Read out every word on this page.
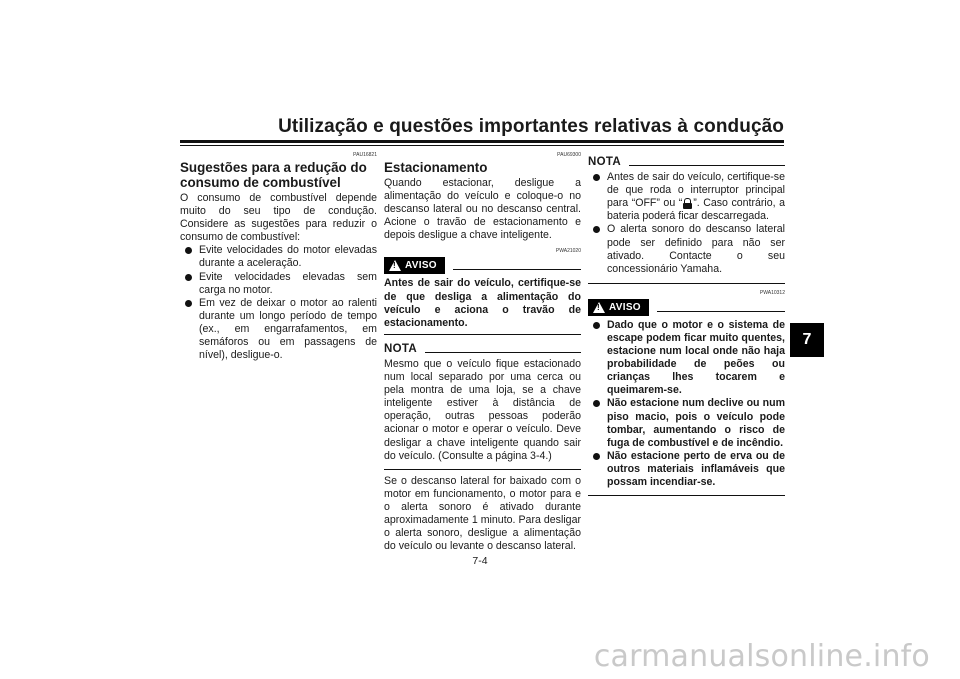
Utilização e questões importantes relativas à condução
7
PAU16821
Sugestões para a redução do consumo de combustível

O consumo de combustível depende muito do seu tipo de condução. Considere as sugestões para reduzir o consumo de combustível:

Evite velocidades do motor elevadas durante a aceleração.
Evite velocidades elevadas sem carga no motor.
Em vez de deixar o motor ao ralenti durante um longo período de tempo (ex., em engarrafamentos, em semáforos ou em passagens de nível), desligue-o.
PAU69300
Estacionamento

Quando estacionar, desligue a alimentação do veículo e coloque-o no descanso lateral ou no descanso central. Acione o travão de estacionamento e depois desligue a chave inteligente.

PWA21020
! AVISO

Antes de sair do veículo, certifique-se de que desliga a alimentação do veículo e aciona o travão de estacionamento.

NOTA

Mesmo que o veículo fique estacionado num local separado por uma cerca ou pela montra de uma loja, se a chave inteligente estiver à distância de operação, outras pessoas poderão acionar o motor e operar o veículo. Deve desligar a chave inteligente quando sair do veículo. (Consulte a página 3-4.)

Se o descanso lateral for baixado com o motor em funcionamento, o motor para e o alerta sonoro é ativado durante aproximadamente 1 minuto. Para desligar o alerta sonoro, desligue a alimentação do veículo ou levante o descanso lateral.

NOTA
Antes de sair do veículo, certifique-se de que roda o interruptor principal para “OFF” ou “ ”. Caso contrário, a bateria poderá ficar descarregada.
O alerta sonoro do descanso lateral pode ser definido para não ser ativado. Contacte o seu concessionário Yamaha.
PWA10312
! AVISO
Dado que o motor e o sistema de escape podem ficar muito quentes, estacione num local onde não haja probabilidade de peões ou crianças lhes tocarem e queimarem-se.
Não estacione num declive ou num piso macio, pois o veículo pode tombar, aumentando o risco de fuga de combustível e de incêndio.
Não estacione perto de erva ou de outros materiais inflamáveis que possam incendiar-se.
7-4
carmanualsonline.info
